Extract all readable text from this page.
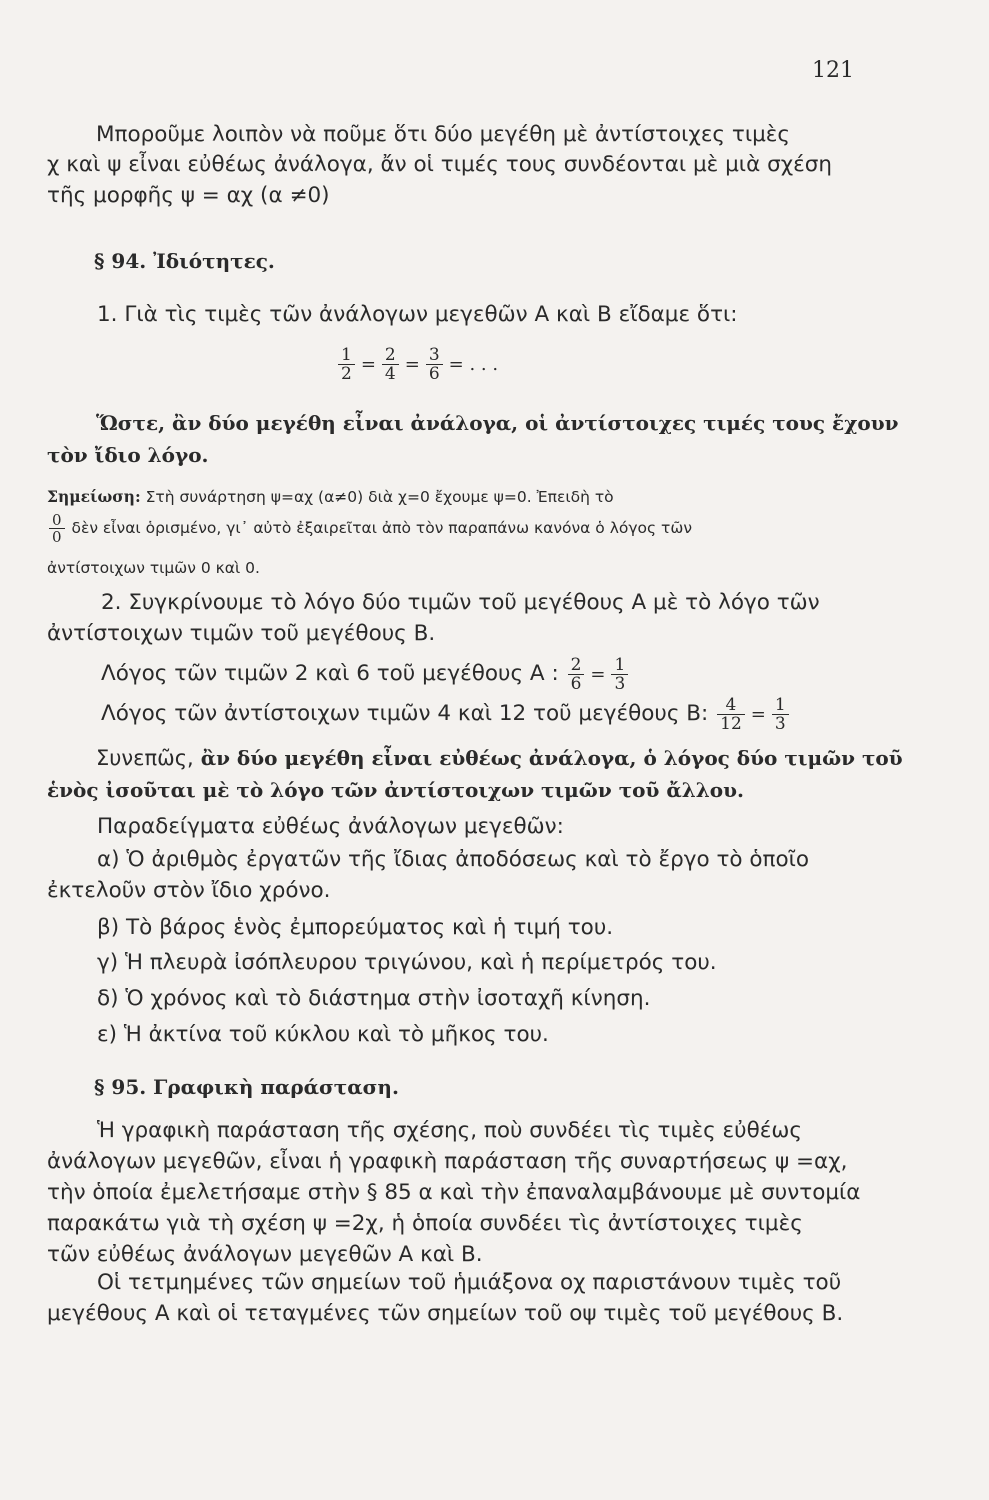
121
Μποροῦμε λοιπὸν νὰ ποῦμε ὅτι δύο μεγέθη μὲ ἀντίστοιχες τιμὲς
χ καὶ ψ εἶναι εὐθέως ἀνάλογα, ἄν οἱ τιμές τους συνδέονται μὲ μιὰ σχέση
τῆς μορφῆς ψ = αχ (α ≠0)
§ 94. Ἰδιότητες.
1. Γιὰ τὶς τιμὲς τῶν ἀνάλογων μεγεθῶν Α καὶ Β εἴδαμε ὅτι:
$\frac{1}{2} = \frac{2}{4} = \frac{3}{6}$ = . . .
Ὥστε, ἂν δύο μεγέθη εἶναι ἀνάλογα, οἱ ἀντίστοιχες τιμές τους ἔχουν
τὸν ἴδιο λόγο.
Σημείωση: Στὴ συνάρτηση ψ=αχ (α≠0) διὰ χ=0 ἔχουμε ψ=0. Ἐπειδὴ τὸ
$\frac{0}{0}$ δὲν εἶναι ὁρισμένο, γι᾿ αὐτὸ ἐξαιρεῖται ἀπὸ τὸν παραπάνω κανόνα ὁ λόγος τῶν
ἀντίστοιχων τιμῶν 0 καὶ 0.
2. Συγκρίνουμε τὸ λόγο δύο τιμῶν τοῦ μεγέθους Α μὲ τὸ λόγο τῶν
ἀντίστοιχων τιμῶν τοῦ μεγέθους Β.
Λόγος τῶν τιμῶν 2 καὶ 6 τοῦ μεγέθους Α : $\frac{2}{6} = \frac{1}{3}$
Λόγος τῶν ἀντίστοιχων τιμῶν 4 καὶ 12 τοῦ μεγέθους Β: $\frac{4}{12} = \frac{1}{3}$
Συνεπῶς, ἂν δύο μεγέθη εἶναι εὐθέως ἀνάλογα, ὁ λόγος δύο τιμῶν τοῦ
ἑνὸς ἰσοῦται μὲ τὸ λόγο τῶν ἀντίστοιχων τιμῶν τοῦ ἄλλου.
Παραδείγματα εὐθέως ἀνάλογων μεγεθῶν:
α) Ὁ ἀριθμὸς ἐργατῶν τῆς ἴδιας ἀποδόσεως καὶ τὸ ἔργο τὸ ὁποῖο
ἐκτελοῦν στὸν ἴδιο χρόνο.
β) Τὸ βάρος ἑνὸς ἐμπορεύματος καὶ ἡ τιμή του.
γ) Ἡ πλευρὰ ἰσόπλευρου τριγώνου, καὶ ἡ περίμετρός του.
δ) Ὁ χρόνος καὶ τὸ διάστημα στὴν ἰσοταχῆ κίνηση.
ε) Ἡ ἀκτίνα τοῦ κύκλου καὶ τὸ μῆκος του.
§ 95. Γραφικὴ παράσταση.
Ἡ γραφικὴ παράσταση τῆς σχέσης, ποὺ συνδέει τὶς τιμὲς εὐθέως
ἀνάλογων μεγεθῶν, εἶναι ἡ γραφικὴ παράσταση τῆς συναρτήσεως ψ =αχ,
τὴν ὁποία ἐμελετήσαμε στὴν § 85 α καὶ τὴν ἐπαναλαμβάνουμε μὲ συντομία
παρακάτω γιὰ τὴ σχέση ψ =2χ, ἡ ὁποία συνδέει τὶς ἀντίστοιχες τιμὲς
τῶν εὐθέως ἀνάλογων μεγεθῶν Α καὶ Β.
Οἱ τετμημένες τῶν σημείων τοῦ ἡμιάξονα οχ παριστάνουν τιμὲς τοῦ
μεγέθους Α καὶ οἱ τεταγμένες τῶν σημείων τοῦ οψ τιμὲς τοῦ μεγέθους Β.
